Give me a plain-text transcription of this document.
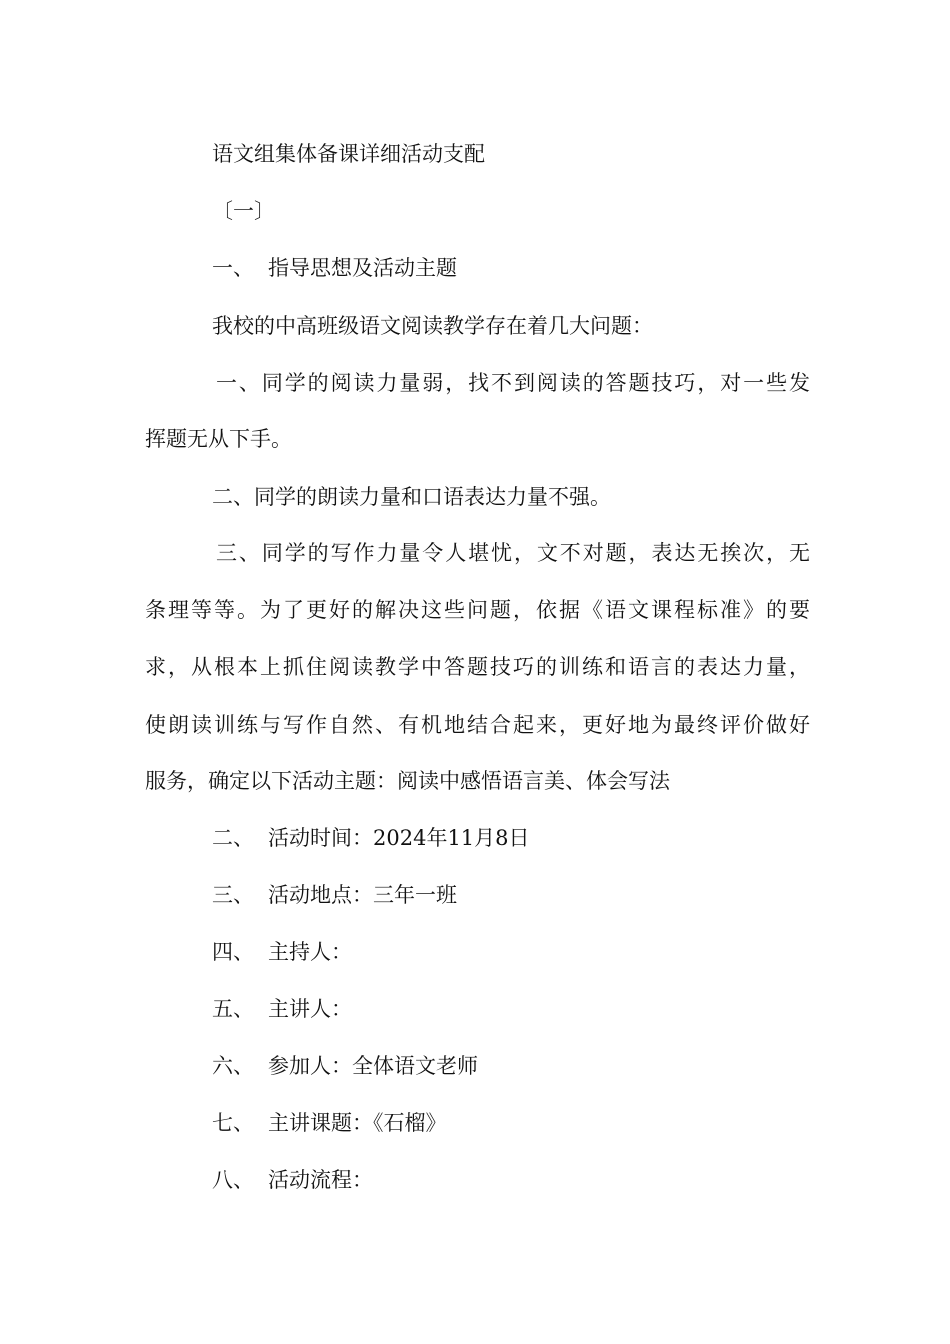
语文组集体备课详细活动支配
〔一〕
一、 指导思想及活动主题
我校的中高班级语文阅读教学存在着几大问题：
一、同学的阅读力量弱，找不到阅读的答题技巧，对一些发
挥题无从下手。
二、同学的朗读力量和口语表达力量不强。
三、同学的写作力量令人堪忧，文不对题，表达无挨次，无
条理等等。为了更好的解决这些问题，依据《语文课程标准》的要
求，从根本上抓住阅读教学中答题技巧的训练和语言的表达力量，
使朗读训练与写作自然、有机地结合起来，更好地为最终评价做好
服务，确定以下活动主题：阅读中感悟语言美、体会写法
二、 活动时间：2024年11月8日
三、 活动地点：三年一班
四、 主持人：
五、 主讲人：
六、 参加人：全体语文老师
七、 主讲课题：《石榴》
八、 活动流程：
